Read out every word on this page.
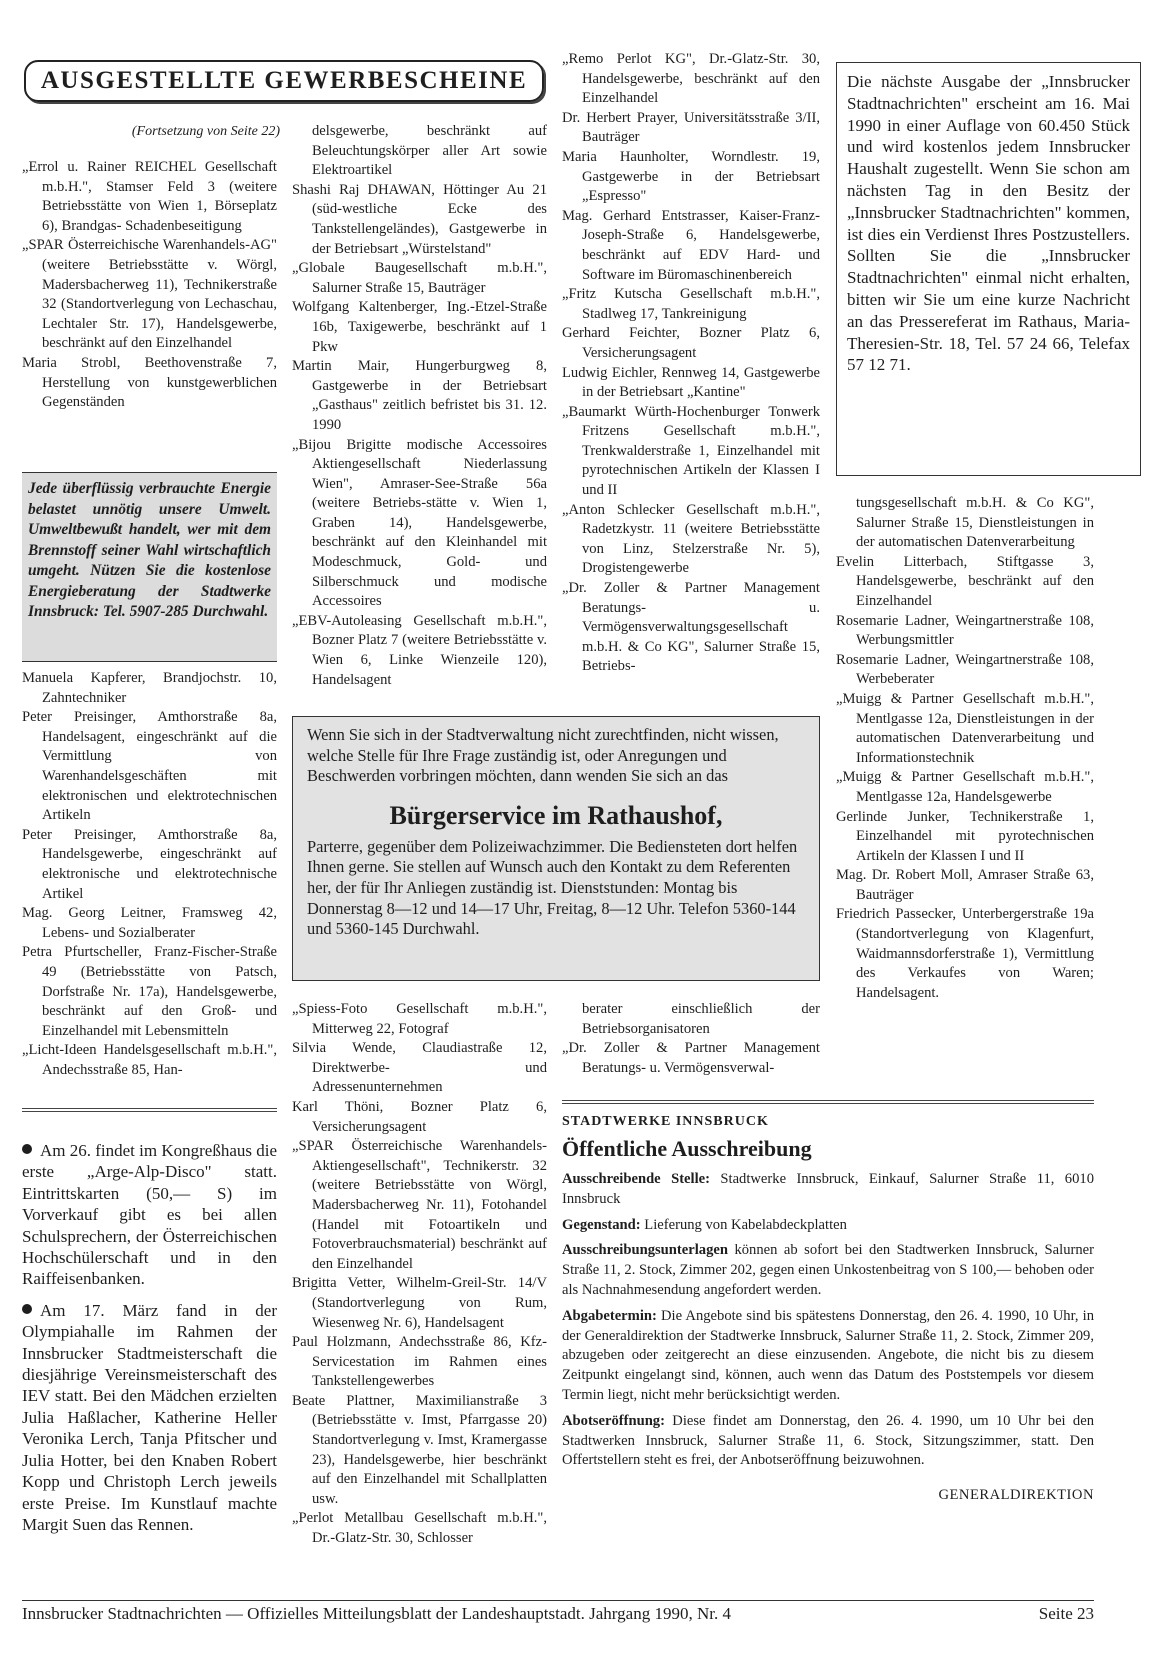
AUSGESTELLTE GEWERBESCHEINE
(Fortsetzung von Seite 22)

„Errol u. Rainer REICHEL Gesellschaft m.b.H.", Stamser Feld 3 (weitere Betriebsstätte von Wien 1, Börseplatz 6), Brandgas- Schadenbeseitigung

„SPAR Österreichische Warenhandels-AG" (weitere Betriebsstätte v. Wörgl, Madersbacherweg 11), Technikerstraße 32 (Standortverlegung von Lechaschau, Lechtaler Str. 17), Handelsgewerbe, beschränkt auf den Einzelhandel

Maria Strobl, Beethovenstraße 7, Herstellung von kunstgewerblichen Gegenständen

Jede überflüssig verbrauchte Energie belastet unnötig unsere Umwelt. Umweltbewußt handelt, wer mit dem Brennstoff seiner Wahl wirtschaftlich umgeht. Nützen Sie die kostenlose Energieberatung der Stadtwerke Innsbruck: Tel. 5907-285 Durchwahl.

Manuela Kapferer, Brandjochstr. 10, Zahntechniker

Peter Preisinger, Amthorstraße 8a, Handelsagent, eingeschränkt auf die Vermittlung von Warenhandelsgeschäften mit elektronischen und elektrotechnischen Artikeln

Peter Preisinger, Amthorstraße 8a, Handelsgewerbe, eingeschränkt auf elektronische und elektrotechnische Artikel

Mag. Georg Leitner, Framsweg 42, Lebens- und Sozialberater

Petra Pfurtscheller, Franz-Fischer-Straße 49 (Betriebsstätte von Patsch, Dorfstraße Nr. 17a), Handelsgewerbe, beschränkt auf den Groß- und Einzelhandel mit Lebensmitteln

„Licht-Ideen Handelsgesellschaft m.b.H.", Andechsstraße 85, Han-

Am 26. findet im Kongreßhaus die erste „Arge-Alp-Disco" statt. Eintrittskarten (50,— S) im Vorverkauf gibt es bei allen Schulsprechern, der Österreichischen Hochschülerschaft und in den Raiffeisenbanken.

Am 17. März fand in der Olympiahalle im Rahmen der Innsbrucker Stadtmeisterschaft die diesjährige Vereinsmeisterschaft des IEV statt. Bei den Mädchen erzielten Julia Haßlacher, Katherine Heller Veronika Lerch, Tanja Pfitscher und Julia Hotter, bei den Knaben Robert Kopp und Christoph Lerch jeweils erste Preise. Im Kunstlauf machte Margit Suen das Rennen.

delsgewerbe, beschränkt auf Beleuchtungskörper aller Art sowie Elektroartikel

Shashi Raj DHAWAN, Höttinger Au 21 (süd-westliche Ecke des Tankstellengeländes), Gastgewerbe in der Betriebsart „Würstelstand"

„Globale Baugesellschaft m.b.H.", Salurner Straße 15, Bauträger

Wolfgang Kaltenberger, Ing.-Etzel-Straße 16b, Taxigewerbe, beschränkt auf 1 Pkw

Martin Mair, Hungerburgweg 8, Gastgewerbe in der Betriebsart „Gasthaus" zeitlich befristet bis 31. 12. 1990

„Bijou Brigitte modische Accessoires Aktiengesellschaft Niederlassung Wien", Amraser-See-Straße 56a (weitere Betriebs-stätte v. Wien 1, Graben 14), Handelsgewerbe, beschränkt auf den Kleinhandel mit Modeschmuck, Gold- und Silberschmuck und modische Accessoires

„EBV-Autoleasing Gesellschaft m.b.H.", Bozner Platz 7 (weitere Betriebsstätte v. Wien 6, Linke Wienzeile 120), Handelsagent

„Remo Perlot KG", Dr.-Glatz-Str. 30, Handelsgewerbe, beschränkt auf den Einzelhandel

Dr. Herbert Prayer, Universitätsstraße 3/II, Bauträger

Maria Haunholter, Worndlestr. 19, Gastgewerbe in der Betriebsart „Espresso"

Mag. Gerhard Entstrasser, Kaiser-Franz-Joseph-Straße 6, Handelsgewerbe, beschränkt auf EDV Hard- und Software im Büromaschinenbereich

„Fritz Kutscha Gesellschaft m.b.H.", Stadlweg 17, Tankreinigung

Gerhard Feichter, Bozner Platz 6, Versicherungsagent

Ludwig Eichler, Rennweg 14, Gastgewerbe in der Betriebsart „Kantine"

„Baumarkt Würth-Hochenburger Tonwerk Fritzens Gesellschaft m.b.H.", Trenkwalderstraße 1, Einzelhandel mit pyrotechnischen Artikeln der Klassen I und II

„Anton Schlecker Gesellschaft m.b.H.", Radetzkystr. 11 (weitere Betriebsstätte von Linz, Stelzerstraße Nr. 5), Drogistengewerbe

„Dr. Zoller & Partner Management Beratungs- u. Vermögensverwaltungsgesellschaft m.b.H. & Co KG", Salurner Straße 15, Betriebs-

Die nächste Ausgabe der „Innsbrucker Stadtnachrichten" erscheint am 16. Mai 1990 in einer Auflage von 60.450 Stück und wird kostenlos jedem Innsbrucker Haushalt zugestellt. Wenn Sie schon am nächsten Tag in den Besitz der „Innsbrucker Stadtnachrichten" kommen, ist dies ein Verdienst Ihres Postzustellers. Sollten Sie die „Innsbrucker Stadtnachrichten" einmal nicht erhalten, bitten wir Sie um eine kurze Nachricht an das Pressereferat im Rathaus, Maria-Theresien-Str. 18, Tel. 57 24 66, Telefax 57 12 71.

tungsgesellschaft m.b.H. & Co KG", Salurner Straße 15, Dienstleistungen in der automatischen Datenverarbeitung

Evelin Litterbach, Stiftgasse 3, Handelsgewerbe, beschränkt auf den Einzelhandel

Rosemarie Ladner, Weingartnerstraße 108, Werbungsmittler

Rosemarie Ladner, Weingartnerstraße 108, Werbeberater

„Muigg & Partner Gesellschaft m.b.H.", Mentlgasse 12a, Dienstleistungen in der automatischen Datenverarbeitung und Informationstechnik

„Muigg & Partner Gesellschaft m.b.H.", Mentlgasse 12a, Handelsgewerbe

Gerlinde Junker, Technikerstraße 1, Einzelhandel mit pyrotechnischen Artikeln der Klassen I und II

Mag. Dr. Robert Moll, Amraser Straße 63, Bauträger

Friedrich Passecker, Unterbergerstraße 19a (Standortverlegung von Klagenfurt, Waidmannsdorferstraße 1), Vermittlung des Verkaufes von Waren; Handelsagent.

Wenn Sie sich in der Stadtverwaltung nicht zurechtfinden, nicht wissen, welche Stelle für Ihre Frage zuständig ist, oder Anregungen und Beschwerden vorbringen möchten, dann wenden Sie sich an das

Bürgerservice im Rathaushof,

Parterre, gegenüber dem Polizeiwachzimmer. Die Bediensteten dort helfen Ihnen gerne. Sie stellen auf Wunsch auch den Kontakt zu dem Referenten her, der für Ihr Anliegen zuständig ist. Dienststunden: Montag bis Donnerstag 8—12 und 14—17 Uhr, Freitag, 8—12 Uhr. Telefon 5360-144 und 5360-145 Durchwahl.

„Spiess-Foto Gesellschaft m.b.H.", Mitterweg 22, Fotograf

Silvia Wende, Claudiastraße 12, Direktwerbe- und Adressenunternehmen

Karl Thöni, Bozner Platz 6, Versicherungsagent

„SPAR Österreichische Warenhandels-Aktiengesellschaft", Technikerstr. 32 (weitere Betriebsstätte von Wörgl, Madersbacherweg Nr. 11), Fotohandel (Handel mit Fotoartikeln und Fotoverbrauchsmaterial) beschränkt auf den Einzelhandel

Brigitta Vetter, Wilhelm-Greil-Str. 14/V (Standortverlegung von Rum, Wiesenweg Nr. 6), Handelsagent

Paul Holzmann, Andechsstraße 86, Kfz-Servicestation im Rahmen eines Tankstellengewerbes

Beate Plattner, Maximilianstraße 3 (Betriebsstätte v. Imst, Pfarrgasse 20) Standortverlegung v. Imst, Kramergasse 23), Handelsgewerbe, hier beschränkt auf den Einzelhandel mit Schallplatten usw.

„Perlot Metallbau Gesellschaft m.b.H.", Dr.-Glatz-Str. 30, Schlosser

berater einschließlich der Betriebsorganisatoren

„Dr. Zoller & Partner Management Beratungs- u. Vermögensverwal-

STADTWERKE INNSBRUCK
Öffentliche Ausschreibung

Ausschreibende Stelle: Stadtwerke Innsbruck, Einkauf, Salurner Straße 11, 6010 Innsbruck

Gegenstand: Lieferung von Kabelabdeckplatten

Ausschreibungsunterlagen können ab sofort bei den Stadtwerken Innsbruck, Salurner Straße 11, 2. Stock, Zimmer 202, gegen einen Unkostenbeitrag von S 100,— behoben oder als Nachnahmesendung angefordert werden.

Abgabetermin: Die Angebote sind bis spätestens Donnerstag, den 26. 4. 1990, 10 Uhr, in der Generaldirektion der Stadtwerke Innsbruck, Salurner Straße 11, 2. Stock, Zimmer 209, abzugeben oder zeitgerecht an diese einzusenden. Angebote, die nicht bis zu diesem Zeitpunkt eingelangt sind, können, auch wenn das Datum des Poststempels vor diesem Termin liegt, nicht mehr berücksichtigt werden.

Abotseröffnung: Diese findet am Donnerstag, den 26. 4. 1990, um 10 Uhr bei den Stadtwerken Innsbruck, Salurner Straße 11, 6. Stock, Sitzungszimmer, statt. Den Offertstellern steht es frei, der Anbotseröffnung beizuwohnen.

GENERALDIREKTION
Innsbrucker Stadtnachrichten — Offizielles Mitteilungsblatt der Landeshauptstadt. Jahrgang 1990, Nr. 4	Seite 23
